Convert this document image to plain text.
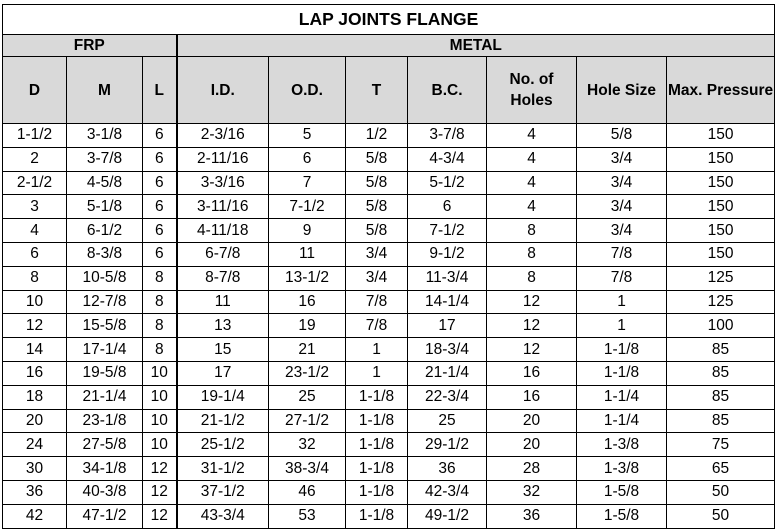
LAP JOINTS FLANGE									
FRP			METAL						
D	M	L	I.D.	O.D.	T	B.C.	No. of Holes	Hole Size	Max. Pressure
1-1/2	3-1/8	6	2-3/16	5	1/2	3-7/8	4	5/8	150
2	3-7/8	6	2-11/16	6	5/8	4-3/4	4	3/4	150
2-1/2	4-5/8	6	3-3/16	7	5/8	5-1/2	4	3/4	150
3	5-1/8	6	3-11/16	7-1/2	5/8	6	4	3/4	150
4	6-1/2	6	4-11/18	9	5/8	7-1/2	8	3/4	150
6	8-3/8	6	6-7/8	11	3/4	9-1/2	8	7/8	150
8	10-5/8	8	8-7/8	13-1/2	3/4	11-3/4	8	7/8	125
10	12-7/8	8	11	16	7/8	14-1/4	12	1	125
12	15-5/8	8	13	19	7/8	17	12	1	100
14	17-1/4	8	15	21	1	18-3/4	12	1-1/8	85
16	19-5/8	10	17	23-1/2	1	21-1/4	16	1-1/8	85
18	21-1/4	10	19-1/4	25	1-1/8	22-3/4	16	1-1/4	85
20	23-1/8	10	21-1/2	27-1/2	1-1/8	25	20	1-1/4	85
24	27-5/8	10	25-1/2	32	1-1/8	29-1/2	20	1-3/8	75
30	34-1/8	12	31-1/2	38-3/4	1-1/8	36	28	1-3/8	65
36	40-3/8	12	37-1/2	46	1-1/8	42-3/4	32	1-5/8	50
42	47-1/2	12	43-3/4	53	1-1/8	49-1/2	36	1-5/8	50
